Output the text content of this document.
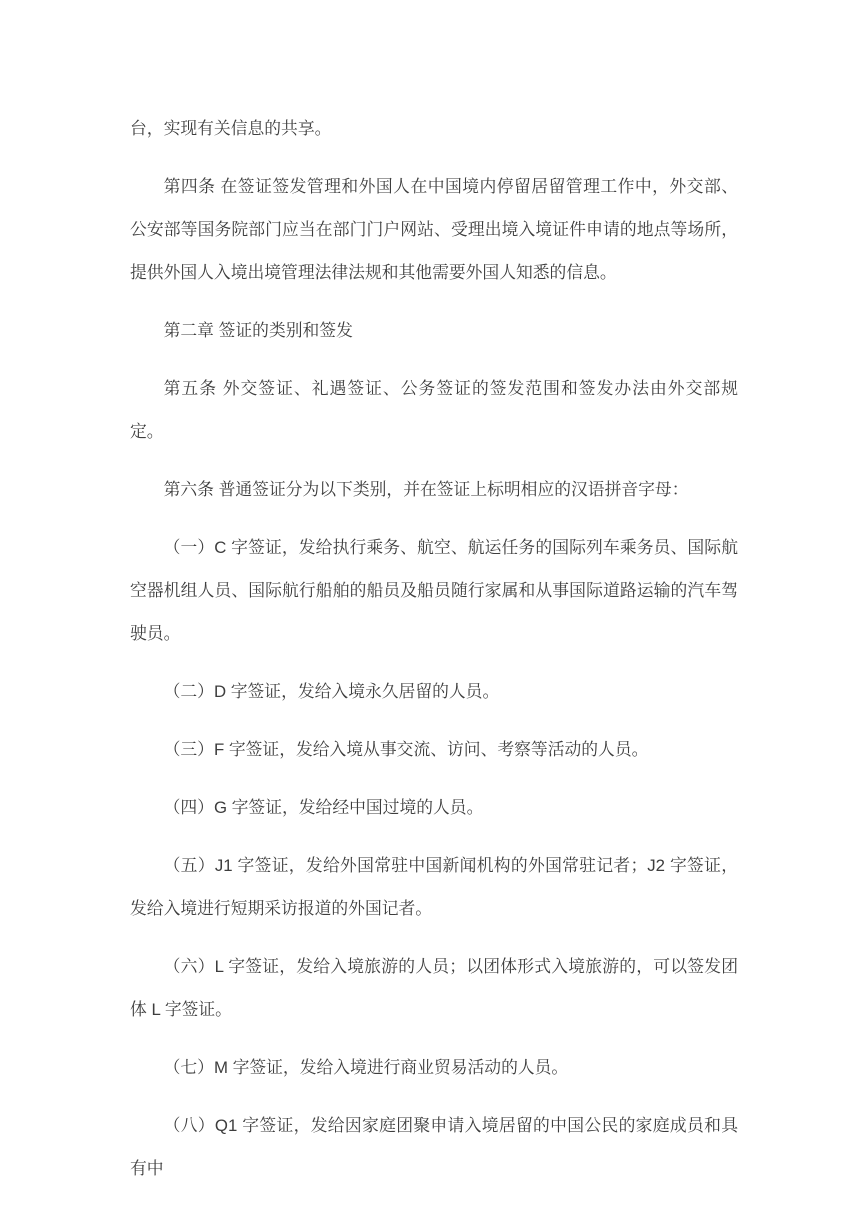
台，实现有关信息的共享。

第四条 在签证签发管理和外国人在中国境内停留居留管理工作中，外交部、公安部等国务院部门应当在部门门户网站、受理出境入境证件申请的地点等场所，提供外国人入境出境管理法律法规和其他需要外国人知悉的信息。

第二章 签证的类别和签发

第五条 外交签证、礼遇签证、公务签证的签发范围和签发办法由外交部规定。

第六条 普通签证分为以下类别，并在签证上标明相应的汉语拼音字母：

（一）C 字签证，发给执行乘务、航空、航运任务的国际列车乘务员、国际航空器机组人员、国际航行船舶的船员及船员随行家属和从事国际道路运输的汽车驾驶员。

（二）D 字签证，发给入境永久居留的人员。

（三）F 字签证，发给入境从事交流、访问、考察等活动的人员。

（四）G 字签证，发给经中国过境的人员。

（五）J1 字签证，发给外国常驻中国新闻机构的外国常驻记者；J2 字签证，发给入境进行短期采访报道的外国记者。

（六）L 字签证，发给入境旅游的人员；以团体形式入境旅游的，可以签发团体 L 字签证。

（七）M 字签证，发给入境进行商业贸易活动的人员。

（八）Q1 字签证，发给因家庭团聚申请入境居留的中国公民的家庭成员和具有中
